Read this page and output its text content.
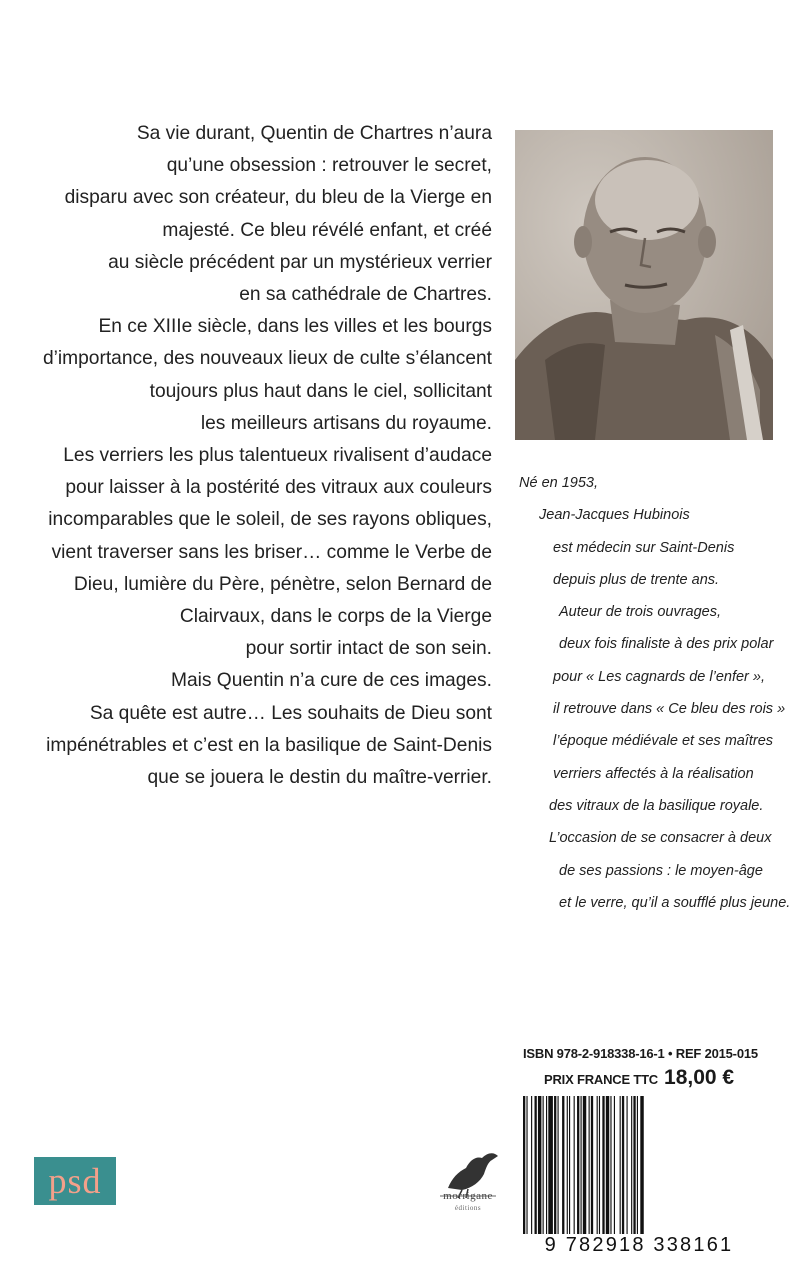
Sa vie durant, Quentin de Chartres n’aura
qu’une obsession : retrouver le secret,
disparu avec son créateur, du bleu de la Vierge en
majesté. Ce bleu révélé enfant, et créé
au siècle précédent par un mystérieux verrier
en sa cathédrale de Chartres.
En ce XIIIe siècle, dans les villes et les bourgs
d’importance, des nouveaux lieux de culte s’élancent
toujours plus haut dans le ciel, sollicitant
les meilleurs artisans du royaume.
Les verriers les plus talentueux rivalisent d’audace
pour laisser à la postérité des vitraux aux couleurs
incomparables que le soleil, de ses rayons obliques,
vient traverser sans les briser… comme le Verbe de
Dieu, lumière du Père, pénètre, selon Bernard de
Clairvaux, dans le corps de la Vierge
pour sortir intact de son sein.
Mais Quentin n’a cure de ces images.
Sa quête est autre… Les souhaits de Dieu sont
impénétrables et c’est en la basilique de Saint-Denis
que se jouera le destin du maître-verrier.
Né en 1953,
Jean-Jacques Hubinois
est médecin sur Saint-Denis
depuis plus de trente ans.
Auteur de trois ouvrages,
deux fois finaliste à des prix polar
pour « Les cagnards de l’enfer »,
il retrouve dans « Ce bleu des rois »
l’époque médiévale et ses maîtres
verriers affectés à la réalisation
des vitraux de la basilique royale.
L’occasion de se consacrer à deux
de ses passions : le moyen-âge
et le verre, qu’il a soufflé plus jeune.
ISBN 978-2-918338-16-1 • REF 2015-015
PRIX FRANCE TTC 18,00 €
9 782918 338161
psd	morrigane
éditions
